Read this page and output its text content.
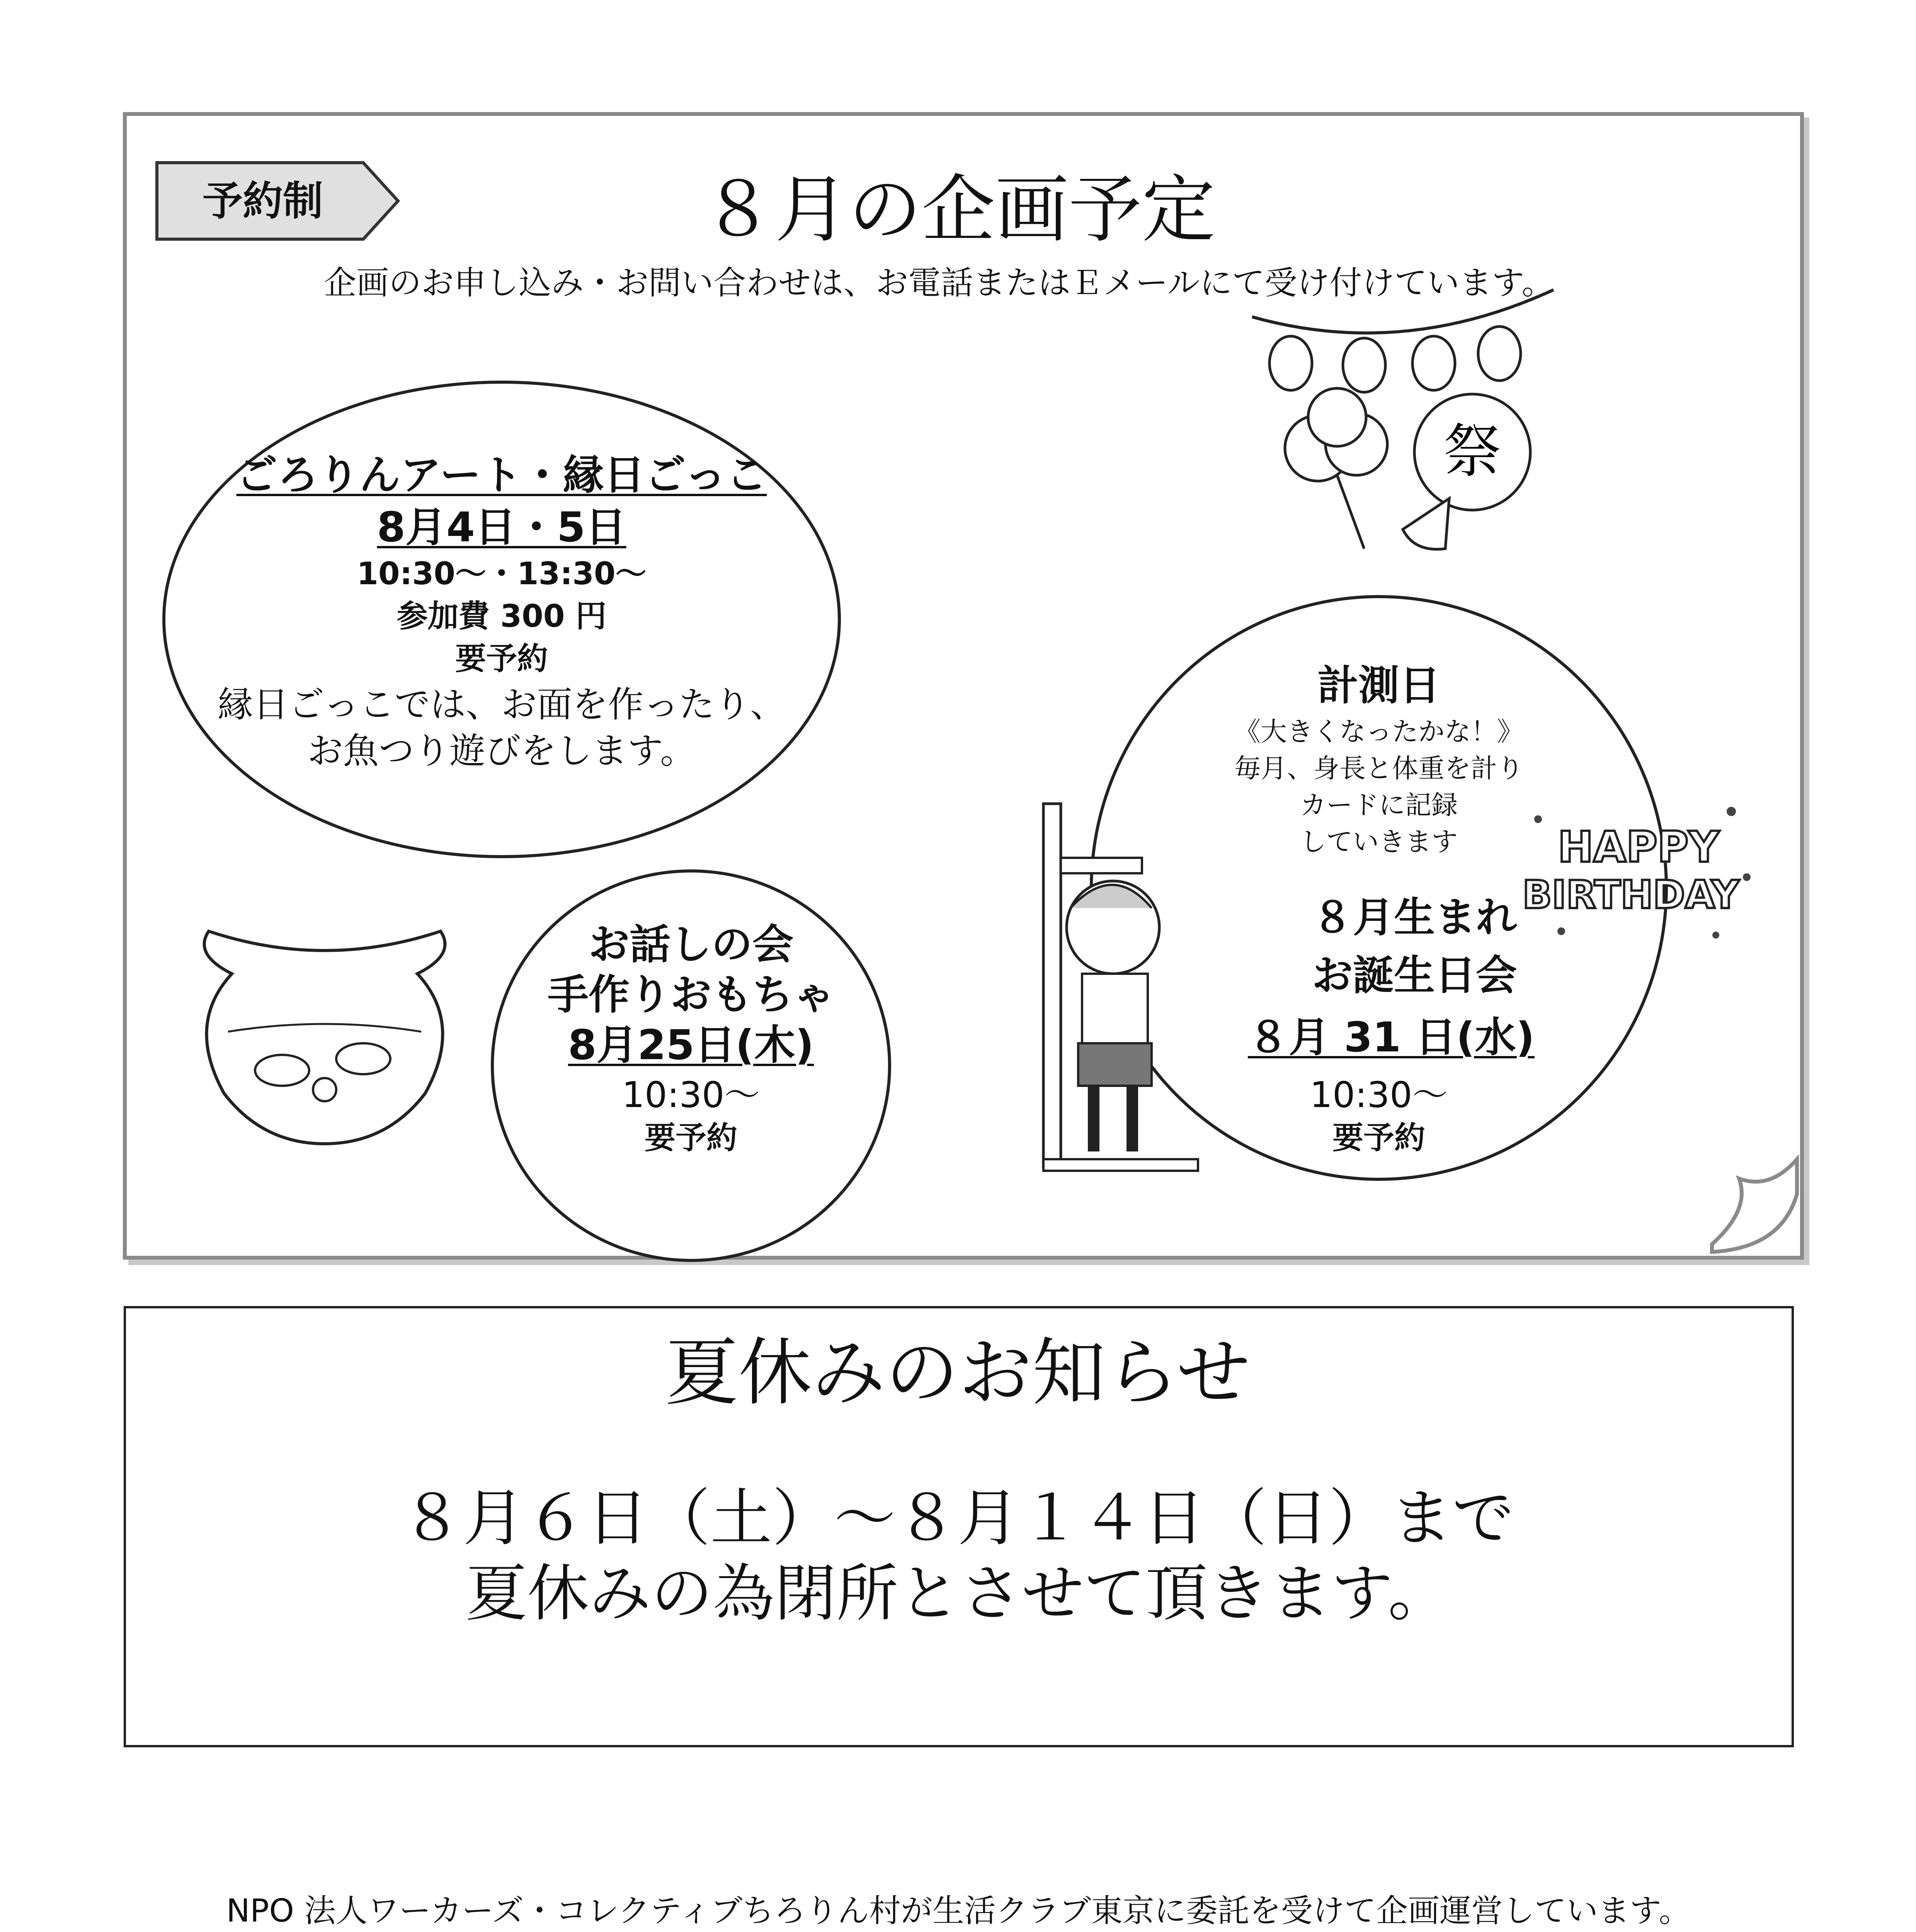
予約制	８月の企画予定
企画のお申し込み・お問い合わせは、お電話またはＥメールにて受け付けています。
祭
ごろりんアート・縁日ごっこ
8月4日・5日
10:30～・13:30～
参加費 300 円
要予約
縁日ごっこでは、お面を作ったり、
お魚つり遊びをします。
お話しの会
手作りおもちゃ
8月25日(木)
10:30～
要予約
計測日
《大きくなったかな！》
毎月、身長と体重を計り
カードに記録
していきます
８月生まれ
お誕生日会
８月 31 日(水)
10:30～
要予約
HAPPY
BIRTHDAY
夏休みのお知らせ
８月６日（土）～８月１４日（日）まで
夏休みの為閉所とさせて頂きます。
NPO 法人ワーカーズ・コレクティブちろりん村が生活クラブ東京に委託を受けて企画運営しています。
